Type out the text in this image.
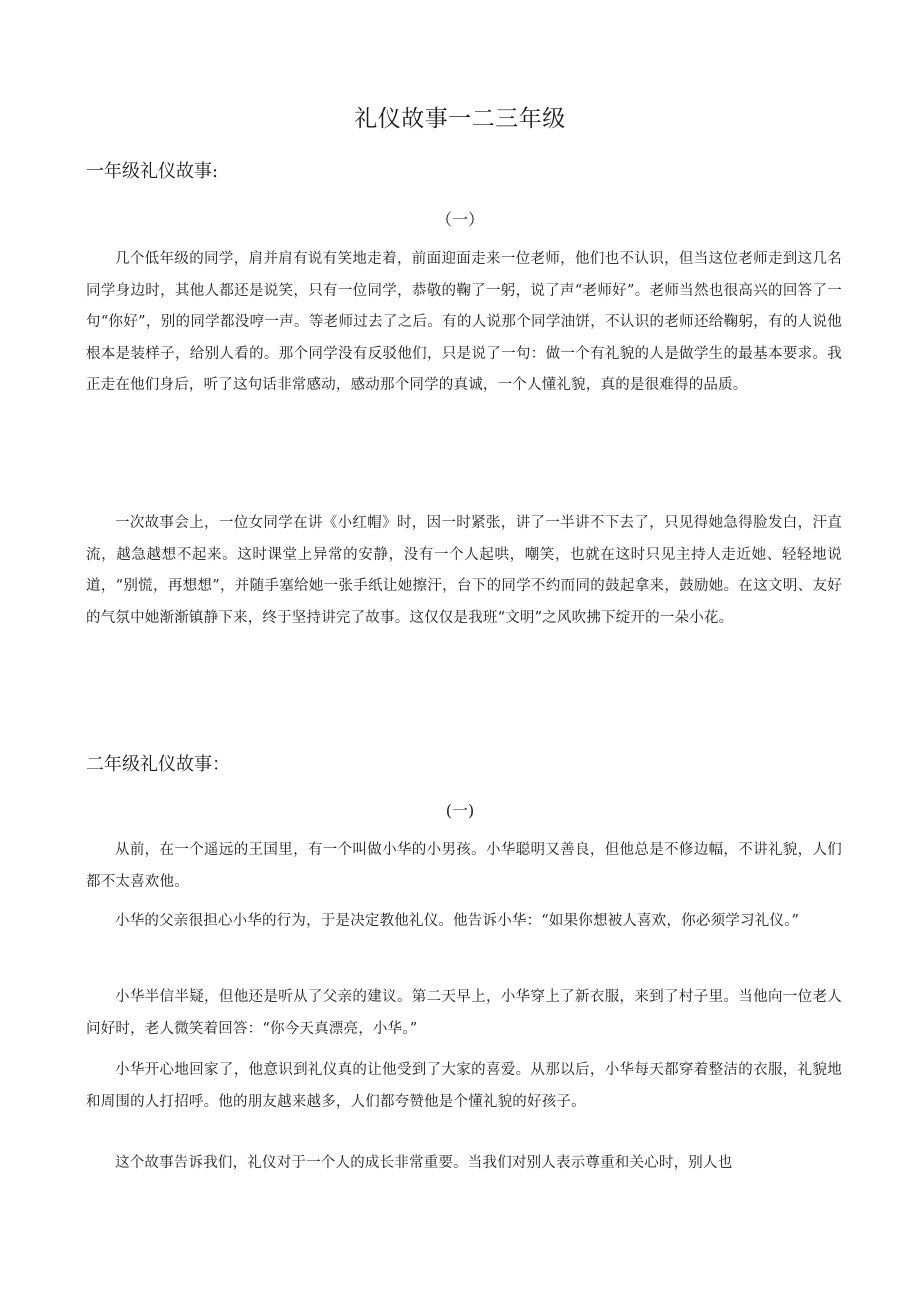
礼仪故事一二三年级
一年级礼仪故事:
（一）

几个低年级的同学，肩并肩有说有笑地走着，前面迎面走来一位老师，他们也不认识，但当这位老师走到这几名同学身边时，其他人都还是说笑，只有一位同学，恭敬的鞠了一躬，说了声“老师好”。老师当然也很高兴的回答了一句“你好”，别的同学都没哼一声。等老师过去了之后。有的人说那个同学油饼，不认识的老师还给鞠躬，有的人说他根本是装样子，给别人看的。那个同学没有反驳他们，只是说了一句：做一个有礼貌的人是做学生的最基本要求。我正走在他们身后，听了这句话非常感动，感动那个同学的真诚，一个人懂礼貌，真的是很难得的品质。

一次故事会上，一位女同学在讲《小红帽》时，因一时紧张，讲了一半讲不下去了，只见得她急得脸发白，汗直流，越急越想不起来。这时课堂上异常的安静，没有一个人起哄，嘲笑，也就在这时只见主持人走近她、轻轻地说道，“别慌，再想想”，并随手塞给她一张手纸让她擦汗，台下的同学不约而同的鼓起拿来，鼓励她。在这文明、友好的气氛中她渐渐镇静下来，终于坚持讲完了故事。这仅仅是我班“文明”之风吹拂下绽开的一朵小花。

二年级礼仪故事：
(一)

从前，在一个遥远的王国里，有一个叫做小华的小男孩。小华聪明又善良，但他总是不修边幅，不讲礼貌，人们都不太喜欢他。

小华的父亲很担心小华的行为，于是决定教他礼仪。他告诉小华：“如果你想被人喜欢，你必须学习礼仪。”

小华半信半疑，但他还是听从了父亲的建议。第二天早上，小华穿上了新衣服，来到了村子里。当他向一位老人问好时，老人微笑着回答：“你今天真漂亮，小华。”

小华开心地回家了，他意识到礼仪真的让他受到了大家的喜爱。从那以后，小华每天都穿着整洁的衣服，礼貌地和周围的人打招呼。他的朋友越来越多，人们都夸赞他是个懂礼貌的好孩子。

这个故事告诉我们，礼仪对于一个人的成长非常重要。当我们对别人表示尊重和关心时，别人也
